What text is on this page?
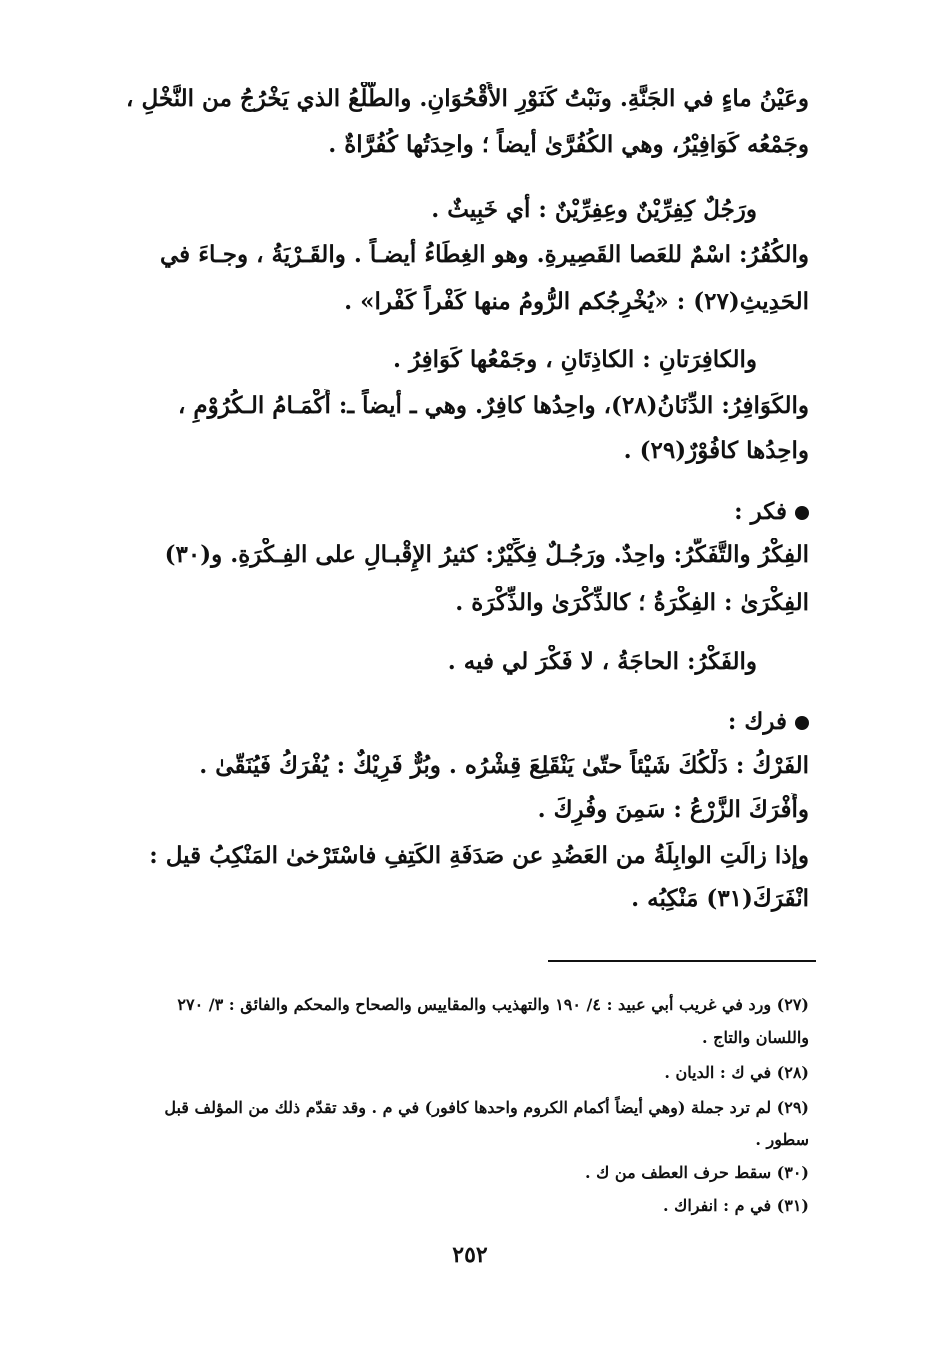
وعَيْنُ ماءٍ في الجَنَّةِ. ونَبْتُ كَنَوْرِ الأُقْحُوَانِ. والطَّلْعُ الذي يَخْرُجُ من النَّخْلِ ،
وجَمْعُه كَوَافِيْرُ، وهي الكُفُرَّىٰ أيضاً ؛ واحِدَتُها كُفُرَّاةٌ .
ورَجُلٌ كِفِرِّيْنٌ وعِفِرِّيْنٌ : أي خَبِيثٌ .
والكُفُرُ: اسْمٌ للعَصا القَصِيرةِ. وهو الغِطَاءُ أيضـاً . والقَـرْيَةُ ، وجـاءَ في
الحَدِيثِ(٢٧) : «يُخْرِجُكم الرُّومُ منها كَفْراً كَفْرا» .
والكافِرَتانِ : الكاذِتَانِ ، وجَمْعُها كَوَافِرُ .
والكَوَافِرُ: الدِّنَانُ(٢٨)، واحِدُها كافِرٌ. وهي ـ أيضاً ـ: أَكْمَـامُ الـكُرُوْمِ ،
واحِدُها كافُوْرٌ(٢٩) .
فكر :
الفِكْرُ والتَّفَكُّرُ: واحِدٌ. ورَجُـلٌ فِكِّيْرٌ: كثيرُ الإِقْبـالِ على الفِـكْرَةِ. و(٣٠)
الفِكْرَىٰ : الفِكْرَةُ ؛ كالذِّكْرَىٰ والذِّكْرَة .
والفَكْرُ: الحاجَةُ ، لا فَكْرَ لي فيه .
فرك :
الفَرْكُ : دَلْكُكَ شَيْئاً حتّىٰ يَنْقَلِعَ قِشْرُه . وبُرٌّ فَرِيْكٌ : يُفْرَكُ فَيُنَقّىٰ .
وأَفْرَكَ الزَّرْعُ : سَمِنَ وفُرِكَ .
وإذا زالَتِ الوابِلَةُ من العَضُدِ عن صَدَفَةِ الكَتِفِ فاسْتَرْخىٰ المَنْكِبُ قيل :
انْفَرَكَ(٣١) مَنْكِبُه .
(٢٧) ورد في غريب أبي عبيد : ٤/ ١٩٠ والتهذيب والمقاييس والصحاح والمحكم والفائق : ٣/ ٢٧٠
واللسان والتاج .
(٢٨) في ك : الديان .
(٢٩) لم ترد جملة (وهي أيضاً أكمام الكروم واحدها كافور) في م . وقد تقدّم ذلك من المؤلف قبل
سطور .
(٣٠) سقط حرف العطف من ك .
(٣١) في م : انفراك .
٢٥٢
